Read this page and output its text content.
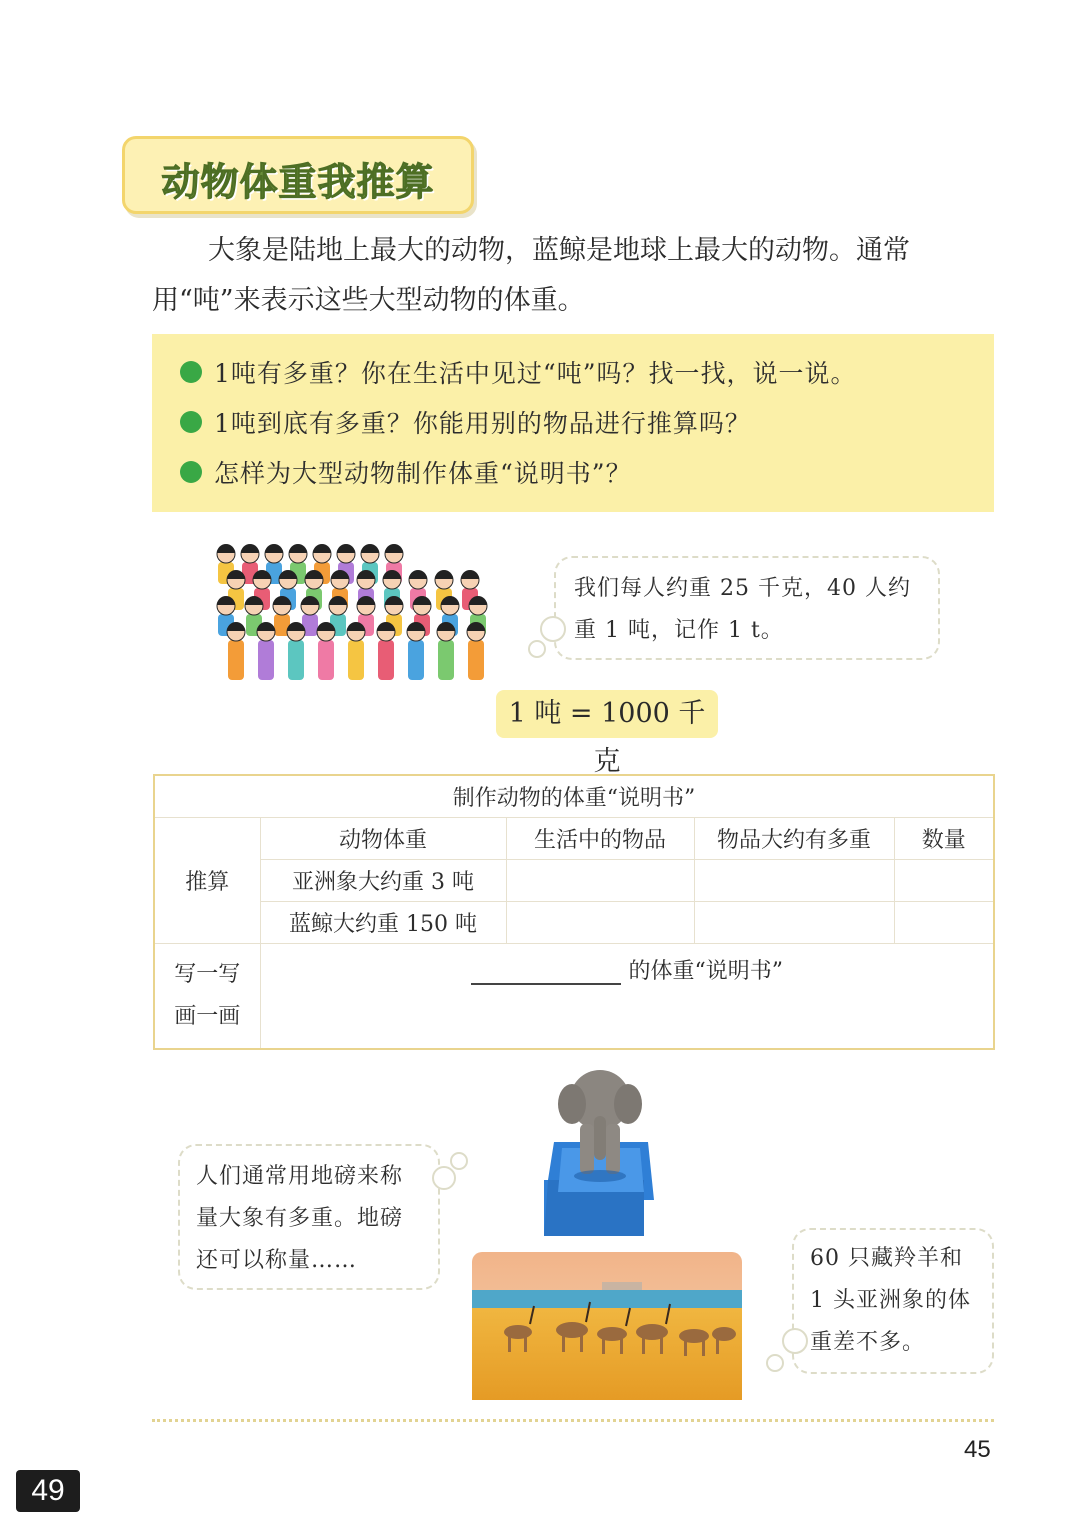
动物体重我推算
大象是陆地上最大的动物，蓝鲸是地球上最大的动物。通常
用“吨”来表示这些大型动物的体重。
1吨有多重？你在生活中见过“吨”吗？找一找，说一说。
1吨到底有多重？你能用别的物品进行推算吗？
怎样为大型动物制作体重“说明书”？
我们每人约重 25 千克，40 人约
重 1 吨，记作 1 t。
1 吨 = 1000 千克
制作动物的体重“说明书”				
推算	动物体重	生活中的物品	物品大约有多重	数量
	亚洲象大约重 3 吨			
	蓝鲸大约重 150 吨			

写一写
画一画	的体重“说明书”			
人们通常用地磅来称
量大象有多重。地磅
还可以称量……	60 只藏羚羊和
1 头亚洲象的体
重差不多。
45
49
